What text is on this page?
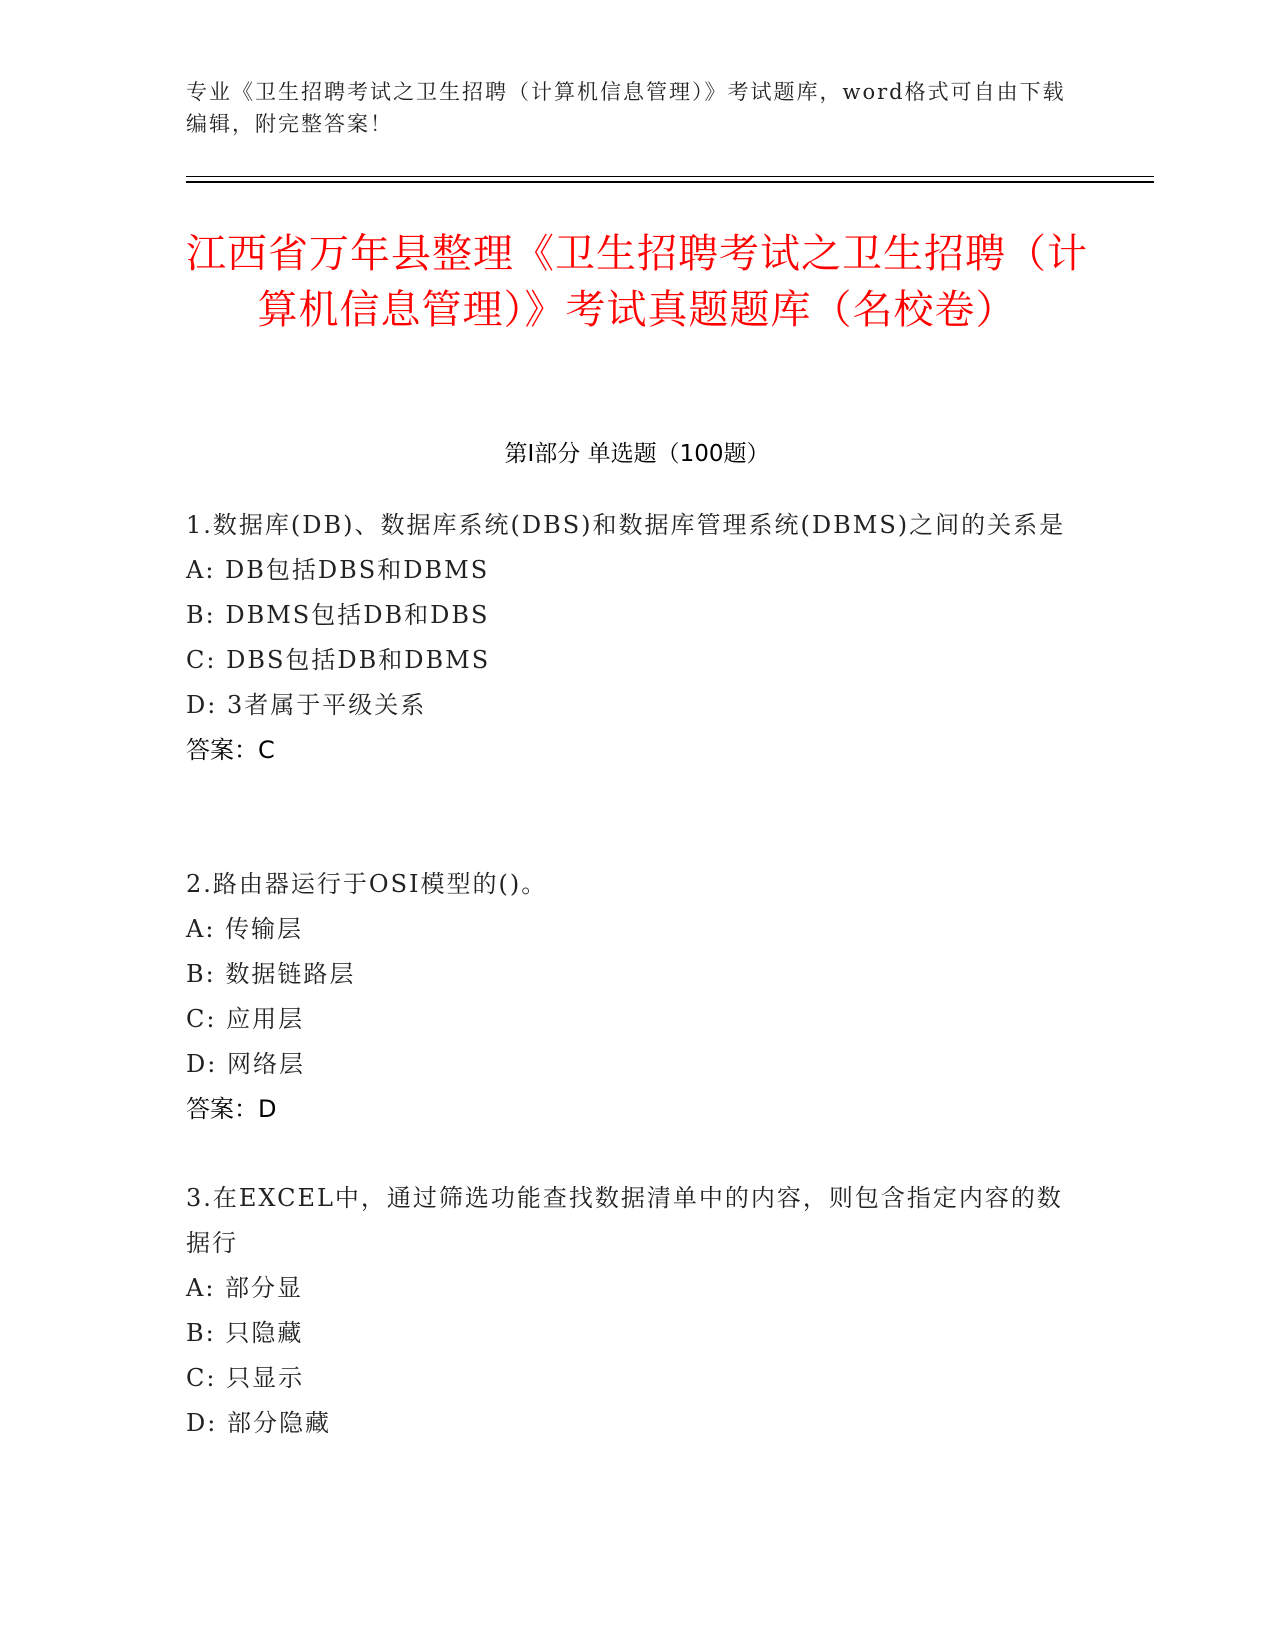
专业《卫生招聘考试之卫生招聘（计算机信息管理）》考试题库，word格式可自由下载编辑，附完整答案！
江西省万年县整理《卫生招聘考试之卫生招聘（计算机信息管理）》考试真题题库（名校卷）
第Ⅰ部分 单选题（100题）
1.数据库(DB)、数据库系统(DBS)和数据库管理系统(DBMS)之间的关系是
A: DB包括DBS和DBMS
B: DBMS包括DB和DBS
C: DBS包括DB和DBMS
D: 3者属于平级关系
答案：C
2.路由器运行于OSI模型的()。
A: 传输层
B: 数据链路层
C: 应用层
D: 网络层
答案：D
3.在EXCEL中，通过筛选功能查找数据清单中的内容，则包含指定内容的数据行
A: 部分显
B: 只隐藏
C: 只显示
D: 部分隐藏
